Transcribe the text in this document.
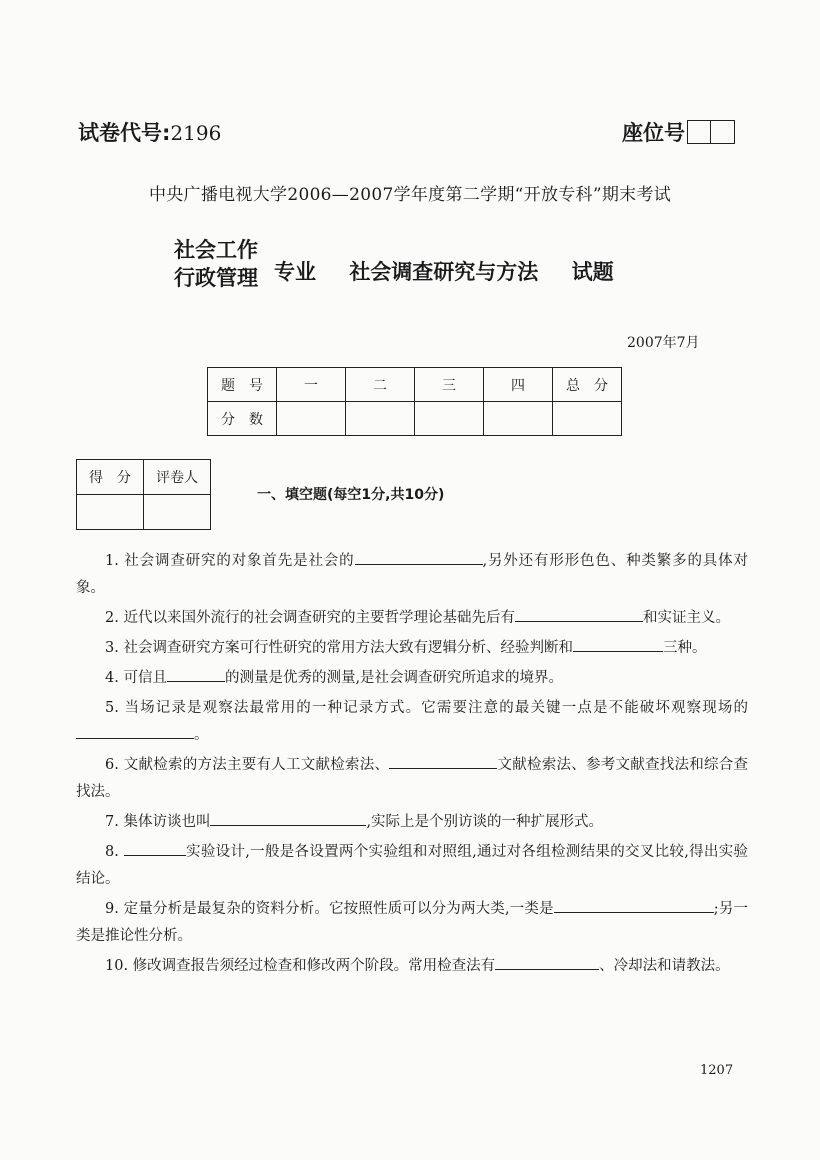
试卷代号:2196	座位号
中央广播电视大学2006—2007学年度第二学期“开放专科”期末考试
社会工作
行政管理 专业 社会调查研究与方法 试题
2007年7月
题　号	一	二	三	四	总　分
分　数					
得　分	评卷人

一、填空题(每空1分,共10分)

1. 社会调查研究的对象首先是社会的	,另外还有形形色色、种类繁多的具体对象。

2. 近代以来国外流行的社会调查研究的主要哲学理论基础先后有	和实证主义。

3. 社会调查研究方案可行性研究的常用方法大致有逻辑分析、经验判断和	三种。

4. 可信且	的测量是优秀的测量,是社会调查研究所追求的境界。

5. 当场记录是观察法最常用的一种记录方式。它需要注意的最关键一点是不能破坏观察现场的。

6. 文献检索的方法主要有人工文献检索法、	文献检索法、参考文献查找法和综合查找法。

7. 集体访谈也叫	,实际上是个别访谈的一种扩展形式。

8.	实验设计,一般是各设置两个实验组和对照组,通过对各组检测结果的交叉比较,得出实验结论。

9. 定量分析是最复杂的资料分析。它按照性质可以分为两大类,一类是	;另一类是推论性分析。

10. 修改调查报告须经过检查和修改两个阶段。常用检查法有	、冷却法和请教法。

1207
